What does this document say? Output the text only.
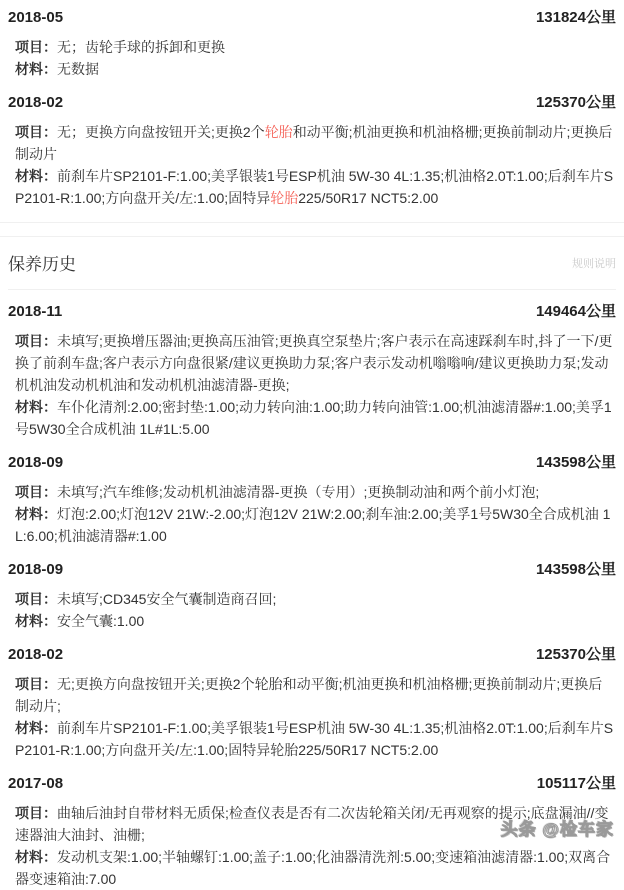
2018-05	131824公里

项目：无；齿轮手球的拆卸和更换

材料：无数据

2018-02	125370公里

项目：无；更换方向盘按钮开关;更换2个轮胎和动平衡;机油更换和机油格栅;更换前制动片;更换后制动片

材料：前刹车片SP2101-F:1.00;美孚银装1号ESP机油 5W-30 4L:1.35;机油格2.0T:1.00;后刹车片SP2101-R:1.00;方向盘开关/左:1.00;固特异轮胎225/50R17 NCT5:2.00

保养历史	规则说明
2018-11	149464公里

项目：未填写;更换增压器油;更换高压油管;更换真空泵垫片;客户表示在高速踩刹车时,抖了一下/更换了前刹车盘;客户表示方向盘很紧/建议更换助力泵;客户表示发动机嗡嗡响/建议更换助力泵;发动机机油发动机机油和发动机机油滤清器-更换;

材料：车仆化清剂:2.00;密封垫:1.00;动力转向油:1.00;助力转向油管:1.00;机油滤清器#:1.00;美孚1号5W30全合成机油 1L#1L:5.00

2018-09	143598公里

项目：未填写;汽车维修;发动机机油滤清器-更换（专用）;更换制动油和两个前小灯泡;

材料：灯泡:2.00;灯泡12V 21W:-2.00;灯泡12V 21W:2.00;刹车油:2.00;美孚1号5W30全合成机油 1L:6.00;机油滤清器#:1.00

2018-09	143598公里

项目：未填写;CD345安全气囊制造商召回;

材料：安全气囊:1.00

2018-02	125370公里

项目：无;更换方向盘按钮开关;更换2个轮胎和动平衡;机油更换和机油格栅;更换前制动片;更换后制动片;

材料：前刹车片SP2101-F:1.00;美孚银装1号ESP机油 5W-30 4L:1.35;机油格2.0T:1.00;后刹车片SP2101-R:1.00;方向盘开关/左:1.00;固特异轮胎225/50R17 NCT5:2.00

2017-08	105117公里

项目：曲轴后油封自带材料无质保;检查仪表是否有二次齿轮箱关闭/无再观察的提示;底盘漏油//变速器油大油封、油栅;

材料：发动机支架:1.00;半轴螺钉:1.00;盖子:1.00;化油器清洗剂:5.00;变速箱油滤清器:1.00;双离合器变速箱油:7.00

头条 @检车家
